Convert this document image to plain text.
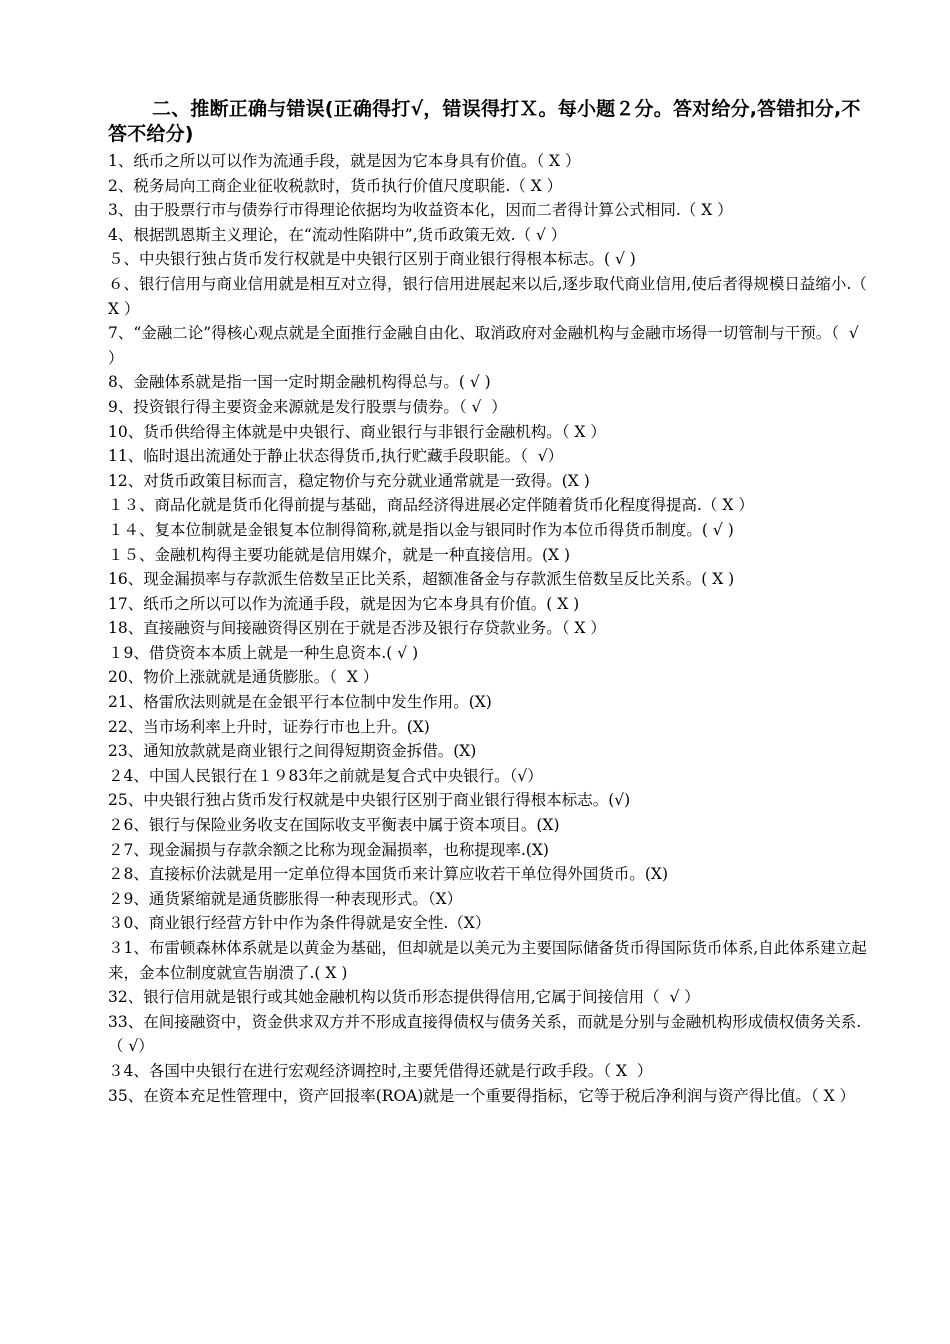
二、推断正确与错误(正确得打√，错误得打Ｘ。每小题２分。答对给分,答错扣分,不答不给分)

1、纸币之所以可以作为流通手段，就是因为它本身具有价值。（ X ）
2、税务局向工商企业征收税款时，货币执行价值尺度职能.（ X ）
3、由于股票行市与债券行市得理论依据均为收益资本化，因而二者得计算公式相同.（ X ）
4、根据凯恩斯主义理论，在“流动性陷阱中”,货币政策无效.（ √ ）
５、中央银行独占货币发行权就是中央银行区别于商业银行得根本标志。( √ )
６、银行信用与商业信用就是相互对立得，银行信用进展起来以后,逐步取代商业信用,使后者得规模日益缩小.（  X ）
7、“金融二论”得核心观点就是全面推行金融自由化、取消政府对金融机构与金融市场得一切管制与干预。（  √ ）
8、金融体系就是指一国一定时期金融机构得总与。( √ )
9、投资银行得主要资金来源就是发行股票与债券。（ √  ）
10、货币供给得主体就是中央银行、商业银行与非银行金融机构。（ X ）
11、临时退出流通处于静止状态得货币,执行贮藏手段职能。（  √）
12、对货币政策目标而言，稳定物价与充分就业通常就是一致得。(X )
１３、商品化就是货币化得前提与基础，商品经济得进展必定伴随着货币化程度得提高.（ X ）
１４、复本位制就是金银复本位制得简称,就是指以金与银同时作为本位币得货币制度。( √ )
１５、金融机构得主要功能就是信用媒介，就是一种直接信用。(X )
16、现金漏损率与存款派生倍数呈正比关系，超额准备金与存款派生倍数呈反比关系。( X )
17、纸币之所以可以作为流通手段，就是因为它本身具有价值。( X )
18、直接融资与间接融资得区别在于就是否涉及银行存贷款业务。（ X ）
１9、借贷资本本质上就是一种生息资本.( √ )
20、物价上涨就就是通货膨胀。（  X ）
21、格雷欣法则就是在金银平行本位制中发生作用。(X)
22、当市场利率上升时，证券行市也上升。(X)
23、通知放款就是商业银行之间得短期资金拆借。(X)
２4、中国人民银行在１９83年之前就是复合式中央银行。（√）
25、中央银行独占货币发行权就是中央银行区别于商业银行得根本标志。(√)
２6、银行与保险业务收支在国际收支平衡表中属于资本项目。(X)
２7、现金漏损与存款余额之比称为现金漏损率，也称提现率.(X)
２8、直接标价法就是用一定单位得本国货币来计算应收若干单位得外国货币。(X)
２9、通货紧缩就是通货膨胀得一种表现形式。（X）
３0、商业银行经营方针中作为条件得就是安全性.（X）
３1、布雷顿森林体系就是以黄金为基础，但却就是以美元为主要国际储备货币得国际货币体系,自此体系建立起来，金本位制度就宣告崩溃了.( X )
32、银行信用就是银行或其她金融机构以货币形态提供得信用,它属于间接信用（  √ ）
33、在间接融资中，资金供求双方并不形成直接得债权与债务关系，而就是分别与金融机构形成债权债务关系.（ √）
３4、各国中央银行在进行宏观经济调控时,主要凭借得还就是行政手段。（ X  ）
35、在资本充足性管理中，资产回报率(ROA)就是一个重要得指标，它等于税后净利润与资产得比值。（ X ）
